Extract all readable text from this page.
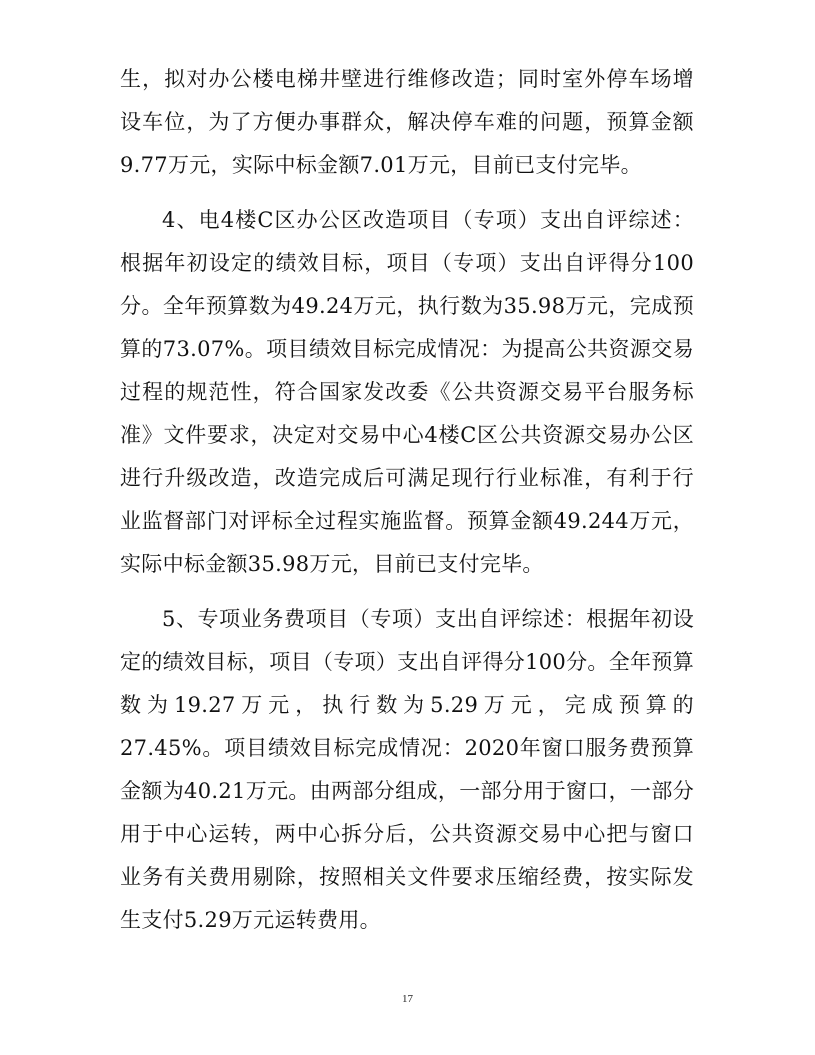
生，拟对办公楼电梯井壁进行维修改造；同时室外停车场增设车位，为了方便办事群众，解决停车难的问题，预算金额9.77万元，实际中标金额7.01万元，目前已支付完毕。

4、电4楼C区办公区改造项目（专项）支出自评综述：根据年初设定的绩效目标，项目（专项）支出自评得分100分。全年预算数为49.24万元，执行数为35.98万元，完成预算的73.07%。项目绩效目标完成情况：为提高公共资源交易过程的规范性，符合国家发改委《公共资源交易平台服务标准》文件要求，决定对交易中心4楼C区公共资源交易办公区进行升级改造，改造完成后可满足现行行业标准，有利于行业监督部门对评标全过程实施监督。预算金额49.244万元，实际中标金额35.98万元，目前已支付完毕。

5、专项业务费项目（专项）支出自评综述：根据年初设定的绩效目标，项目（专项）支出自评得分100分。全年预算数为19.27万元，执行数为5.29万元，完成预算的27.45%。项目绩效目标完成情况：2020年窗口服务费预算金额为40.21万元。由两部分组成，一部分用于窗口，一部分用于中心运转，两中心拆分后，公共资源交易中心把与窗口业务有关费用剔除，按照相关文件要求压缩经费，按实际发生支付5.29万元运转费用。

17
